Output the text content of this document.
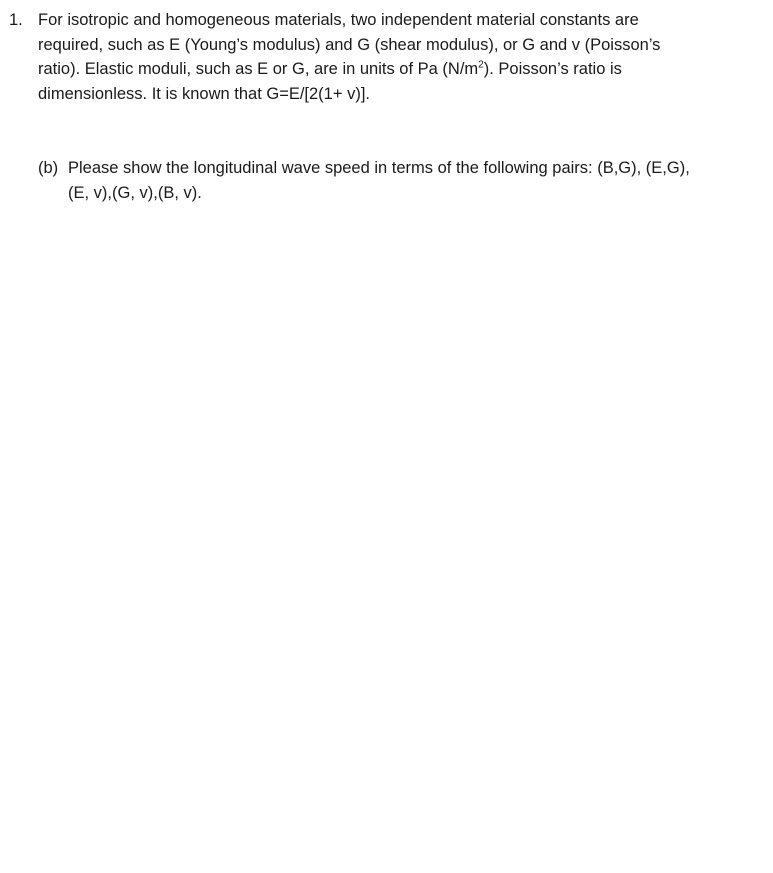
1. For isotropic and homogeneous materials, two independent material constants are
required, such as E (Young’s modulus) and G (shear modulus), or G and v (Poisson’s
ratio). Elastic moduli, such as E or G, are in units of Pa $(N/m^2)$. Poisson’s ratio is
dimensionless. It is known that G=E/[2(1+ v)].
(b) Please show the longitudinal wave speed in terms of the following pairs: (B,G), (E,G),
(E, v),(G, v),(B, v).
